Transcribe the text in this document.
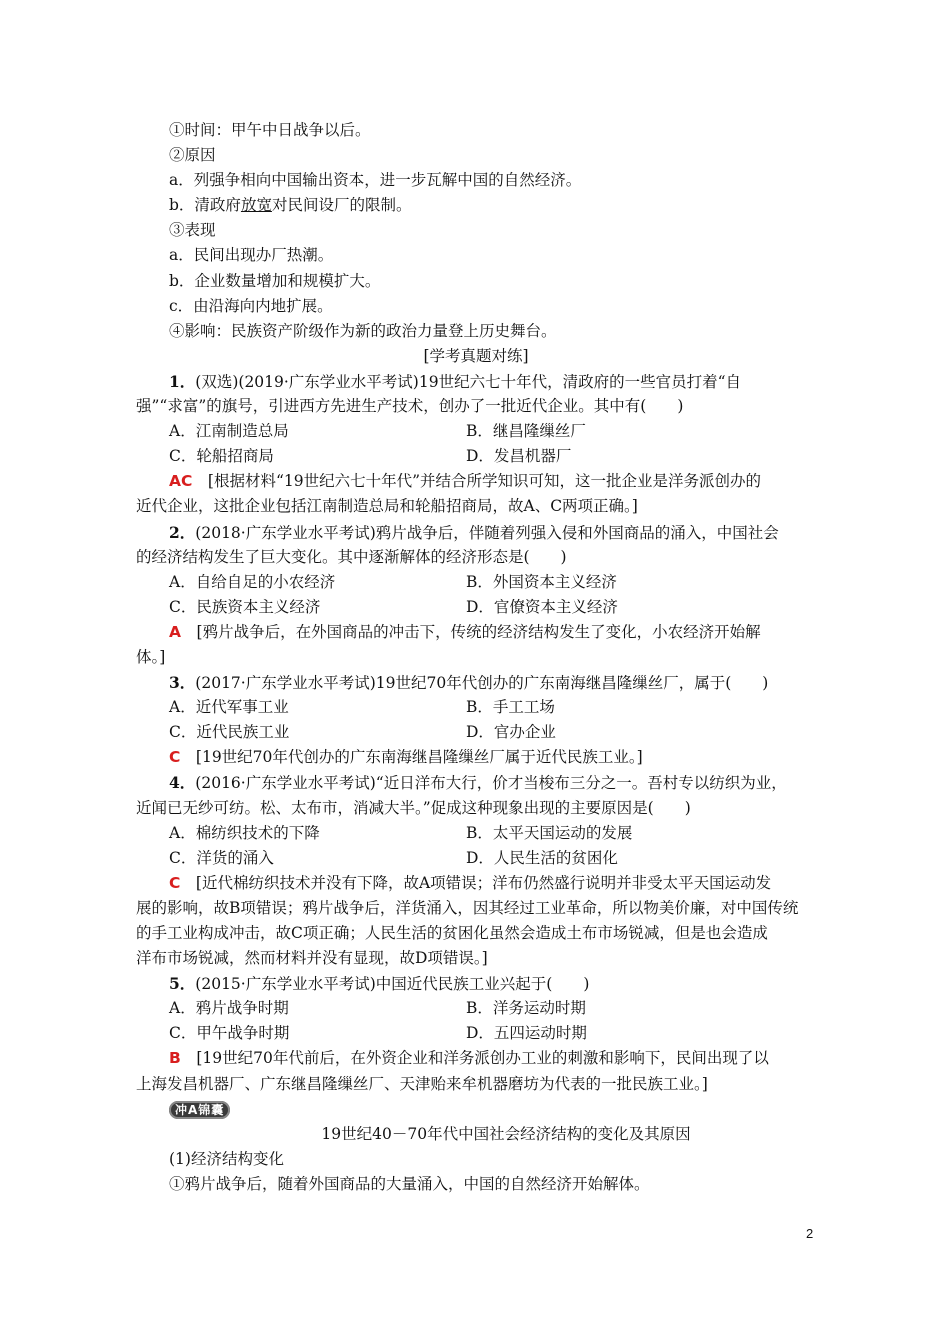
①时间：甲午中日战争以后。
②原因
a．列强争相向中国输出资本，进一步瓦解中国的自然经济。
b．清政府放宽对民间设厂的限制。
③表现
a．民间出现办厂热潮。
b．企业数量增加和规模扩大。
c．由沿海向内地扩展。
④影响：民族资产阶级作为新的政治力量登上历史舞台。
[学考真题对练]
1．(双选)(2019·广东学业水平考试)19世纪六七十年代，清政府的一些官员打着“自
强”“求富”的旗号，引进西方先进生产技术，创办了一批近代企业。其中有(　　)
A．江南制造总局	B．继昌隆缫丝厂
C．轮船招商局	D．发昌机器厂
AC　 [根据材料“19世纪六七十年代”并结合所学知识可知，这一批企业是洋务派创办的
近代企业，这批企业包括江南制造总局和轮船招商局，故A、C两项正确。]
2．(2018·广东学业水平考试)鸦片战争后，伴随着列强入侵和外国商品的涌入，中国社会
的经济结构发生了巨大变化。其中逐渐解体的经济形态是(　　)
A．自给自足的小农经济	B．外国资本主义经济
C．民族资本主义经济	D．官僚资本主义经济
A　 [鸦片战争后，在外国商品的冲击下，传统的经济结构发生了变化，小农经济开始解
体。]
3．(2017·广东学业水平考试)19世纪70年代创办的广东南海继昌隆缫丝厂，属于(　　)
A．近代军事工业	B．手工工场
C．近代民族工业	D．官办企业
C　 [19世纪70年代创办的广东南海继昌隆缫丝厂属于近代民族工业。]
4．(2016·广东学业水平考试)“近日洋布大行，价才当梭布三分之一。吾村专以纺织为业，
近闻已无纱可纺。松、太布市，消减大半。”促成这种现象出现的主要原因是(　　)
A．棉纺织技术的下降	B．太平天国运动的发展
C．洋货的涌入	D．人民生活的贫困化
C　 [近代棉纺织技术并没有下降，故A项错误；洋布仍然盛行说明并非受太平天国运动发
展的影响，故B项错误；鸦片战争后，洋货涌入，因其经过工业革命，所以物美价廉，对中国传统
的手工业构成冲击，故C项正确；人民生活的贫困化虽然会造成土布市场锐减，但是也会造成
洋布市场锐减，然而材料并没有显现，故D项错误。]
5．(2015·广东学业水平考试)中国近代民族工业兴起于(　　)
A．鸦片战争时期	B．洋务运动时期
C．甲午战争时期	D．五四运动时期
B　 [19世纪70年代前后，在外资企业和洋务派创办工业的刺激和影响下，民间出现了以
上海发昌机器厂、广东继昌隆缫丝厂、天津贻来牟机器磨坊为代表的一批民族工业。]
冲A锦囊
19世纪40－70年代中国社会经济结构的变化及其原因
(1)经济结构变化
①鸦片战争后，随着外国商品的大量涌入，中国的自然经济开始解体。
2
